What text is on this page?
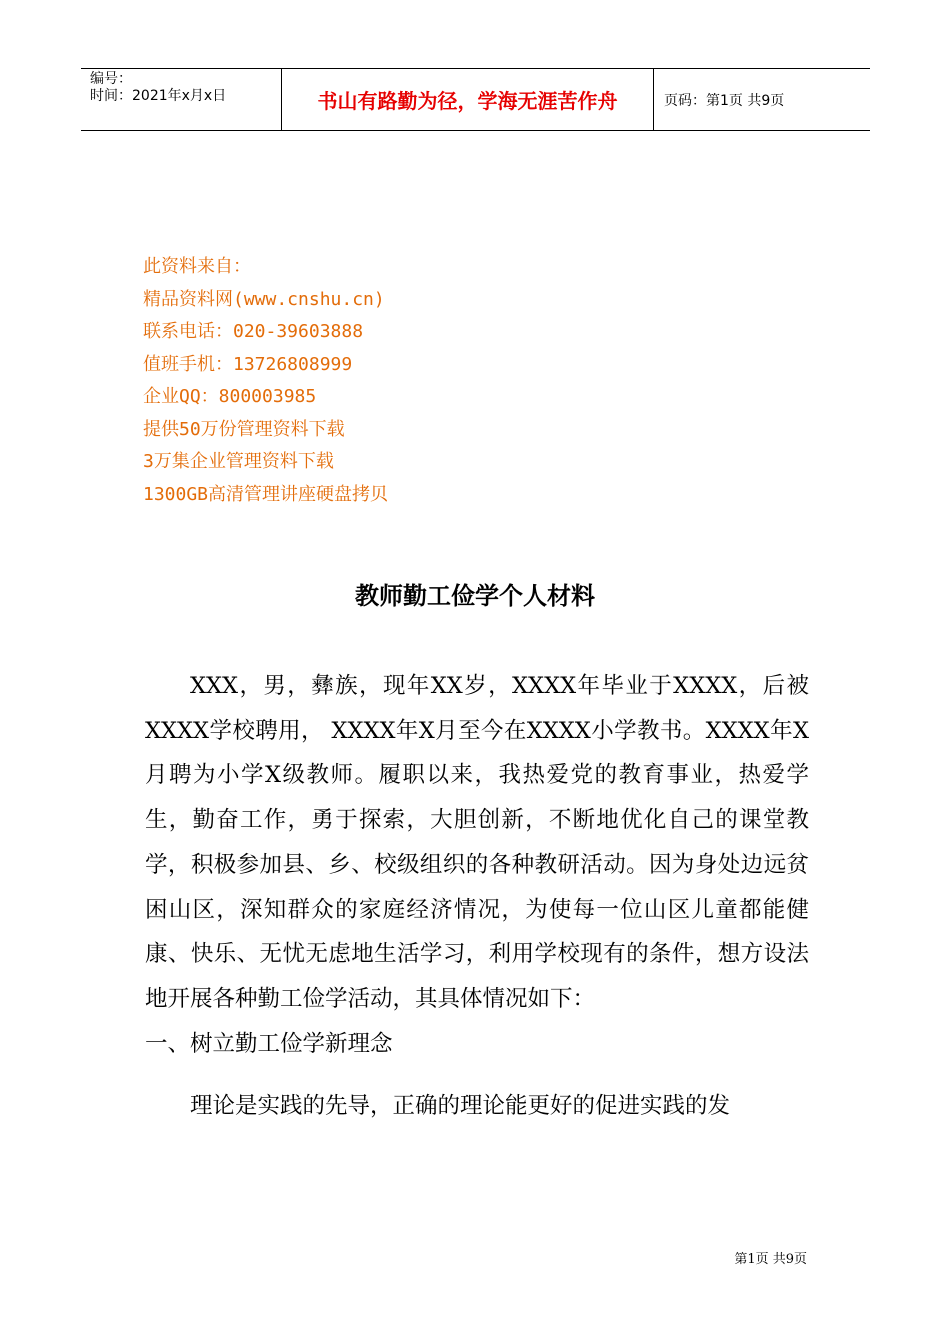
编号：
时间：2021年x月x日	书山有路勤为径，学海无涯苦作舟	页码：第1页 共9页
此资料来自：
精品资料网(www.cnshu.cn)
联系电话：020-39603888
值班手机：13726808999
企业QQ：800003985
提供50万份管理资料下载
3万集企业管理资料下载
1300GB高清管理讲座硬盘拷贝
教师勤工俭学个人材料

XXX，男，彝族，现年XX岁，XXXX年毕业于XXXX，后被XXXX学校聘用， XXXX年X月至今在XXXX小学教书。XXXX年X月聘为小学X级教师。履职以来，我热爱党的教育事业，热爱学生，勤奋工作，勇于探索，大胆创新，不断地优化自己的课堂教学，积极参加县、乡、校级组织的各种教研活动。因为身处边远贫困山区，深知群众的家庭经济情况，为使每一位山区儿童都能健康、快乐、无忧无虑地生活学习，利用学校现有的条件，想方设法地开展各种勤工俭学活动，其具体情况如下：

一、树立勤工俭学新理念

理论是实践的先导，正确的理论能更好的促进实践的发

第1页 共9页
